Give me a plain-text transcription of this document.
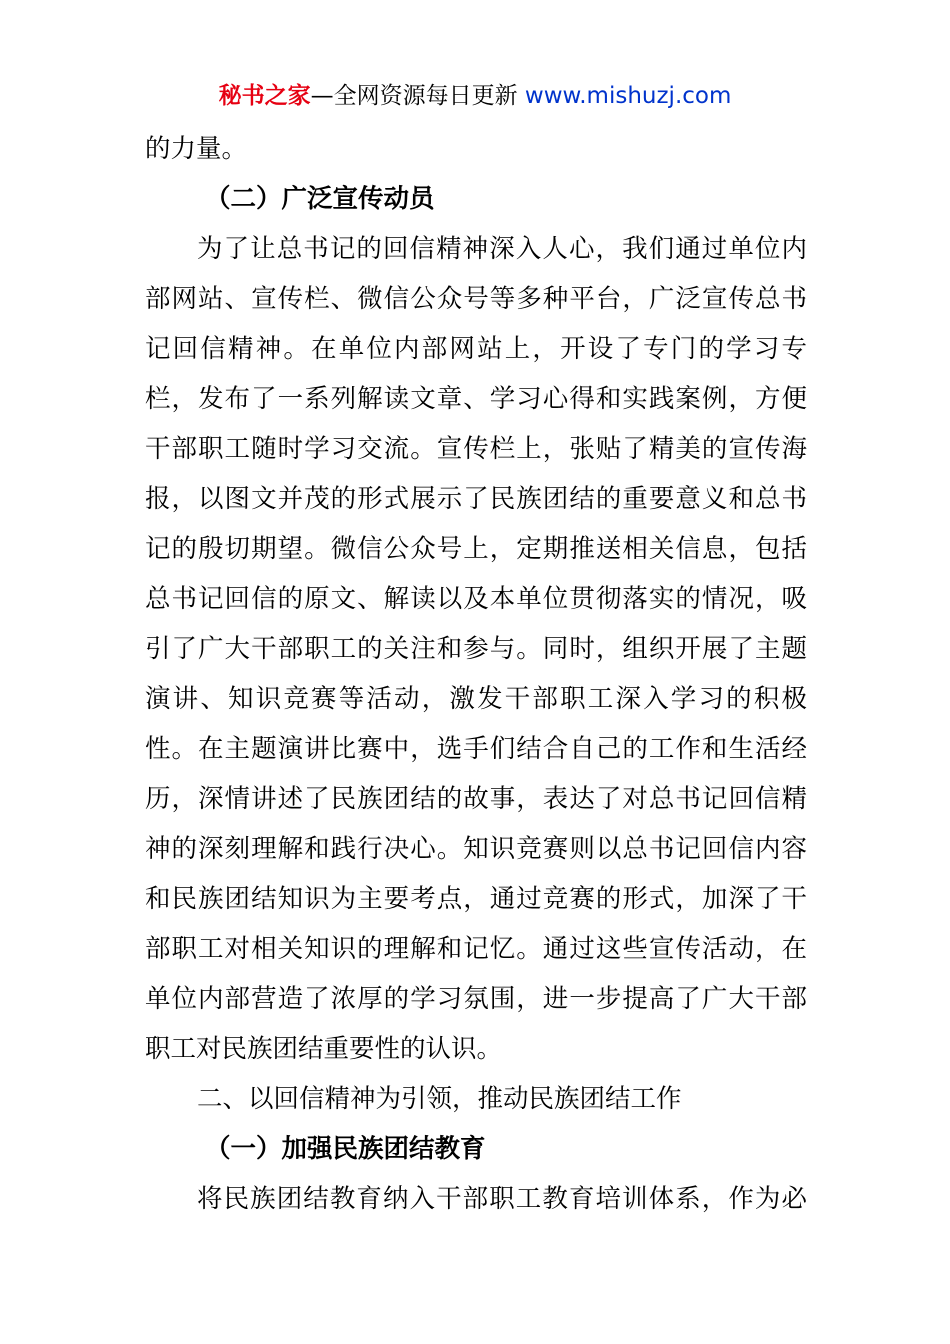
秘书之家—全网资源每日更新 www.mishuzj.com
的力量。
（二）广泛宣传动员
为了让总书记的回信精神深入人心，我们通过单位内
部网站、宣传栏、微信公众号等多种平台，广泛宣传总书
记回信精神。在单位内部网站上，开设了专门的学习专
栏，发布了一系列解读文章、学习心得和实践案例，方便
干部职工随时学习交流。宣传栏上，张贴了精美的宣传海
报，以图文并茂的形式展示了民族团结的重要意义和总书
记的殷切期望。微信公众号上，定期推送相关信息，包括
总书记回信的原文、解读以及本单位贯彻落实的情况，吸
引了广大干部职工的关注和参与。同时，组织开展了主题
演讲、知识竞赛等活动，激发干部职工深入学习的积极
性。在主题演讲比赛中，选手们结合自己的工作和生活经
历，深情讲述了民族团结的故事，表达了对总书记回信精
神的深刻理解和践行决心。知识竞赛则以总书记回信内容
和民族团结知识为主要考点，通过竞赛的形式，加深了干
部职工对相关知识的理解和记忆。通过这些宣传活动，在
单位内部营造了浓厚的学习氛围，进一步提高了广大干部
职工对民族团结重要性的认识。
二、以回信精神为引领，推动民族团结工作
（一）加强民族团结教育
将民族团结教育纳入干部职工教育培训体系，作为必
